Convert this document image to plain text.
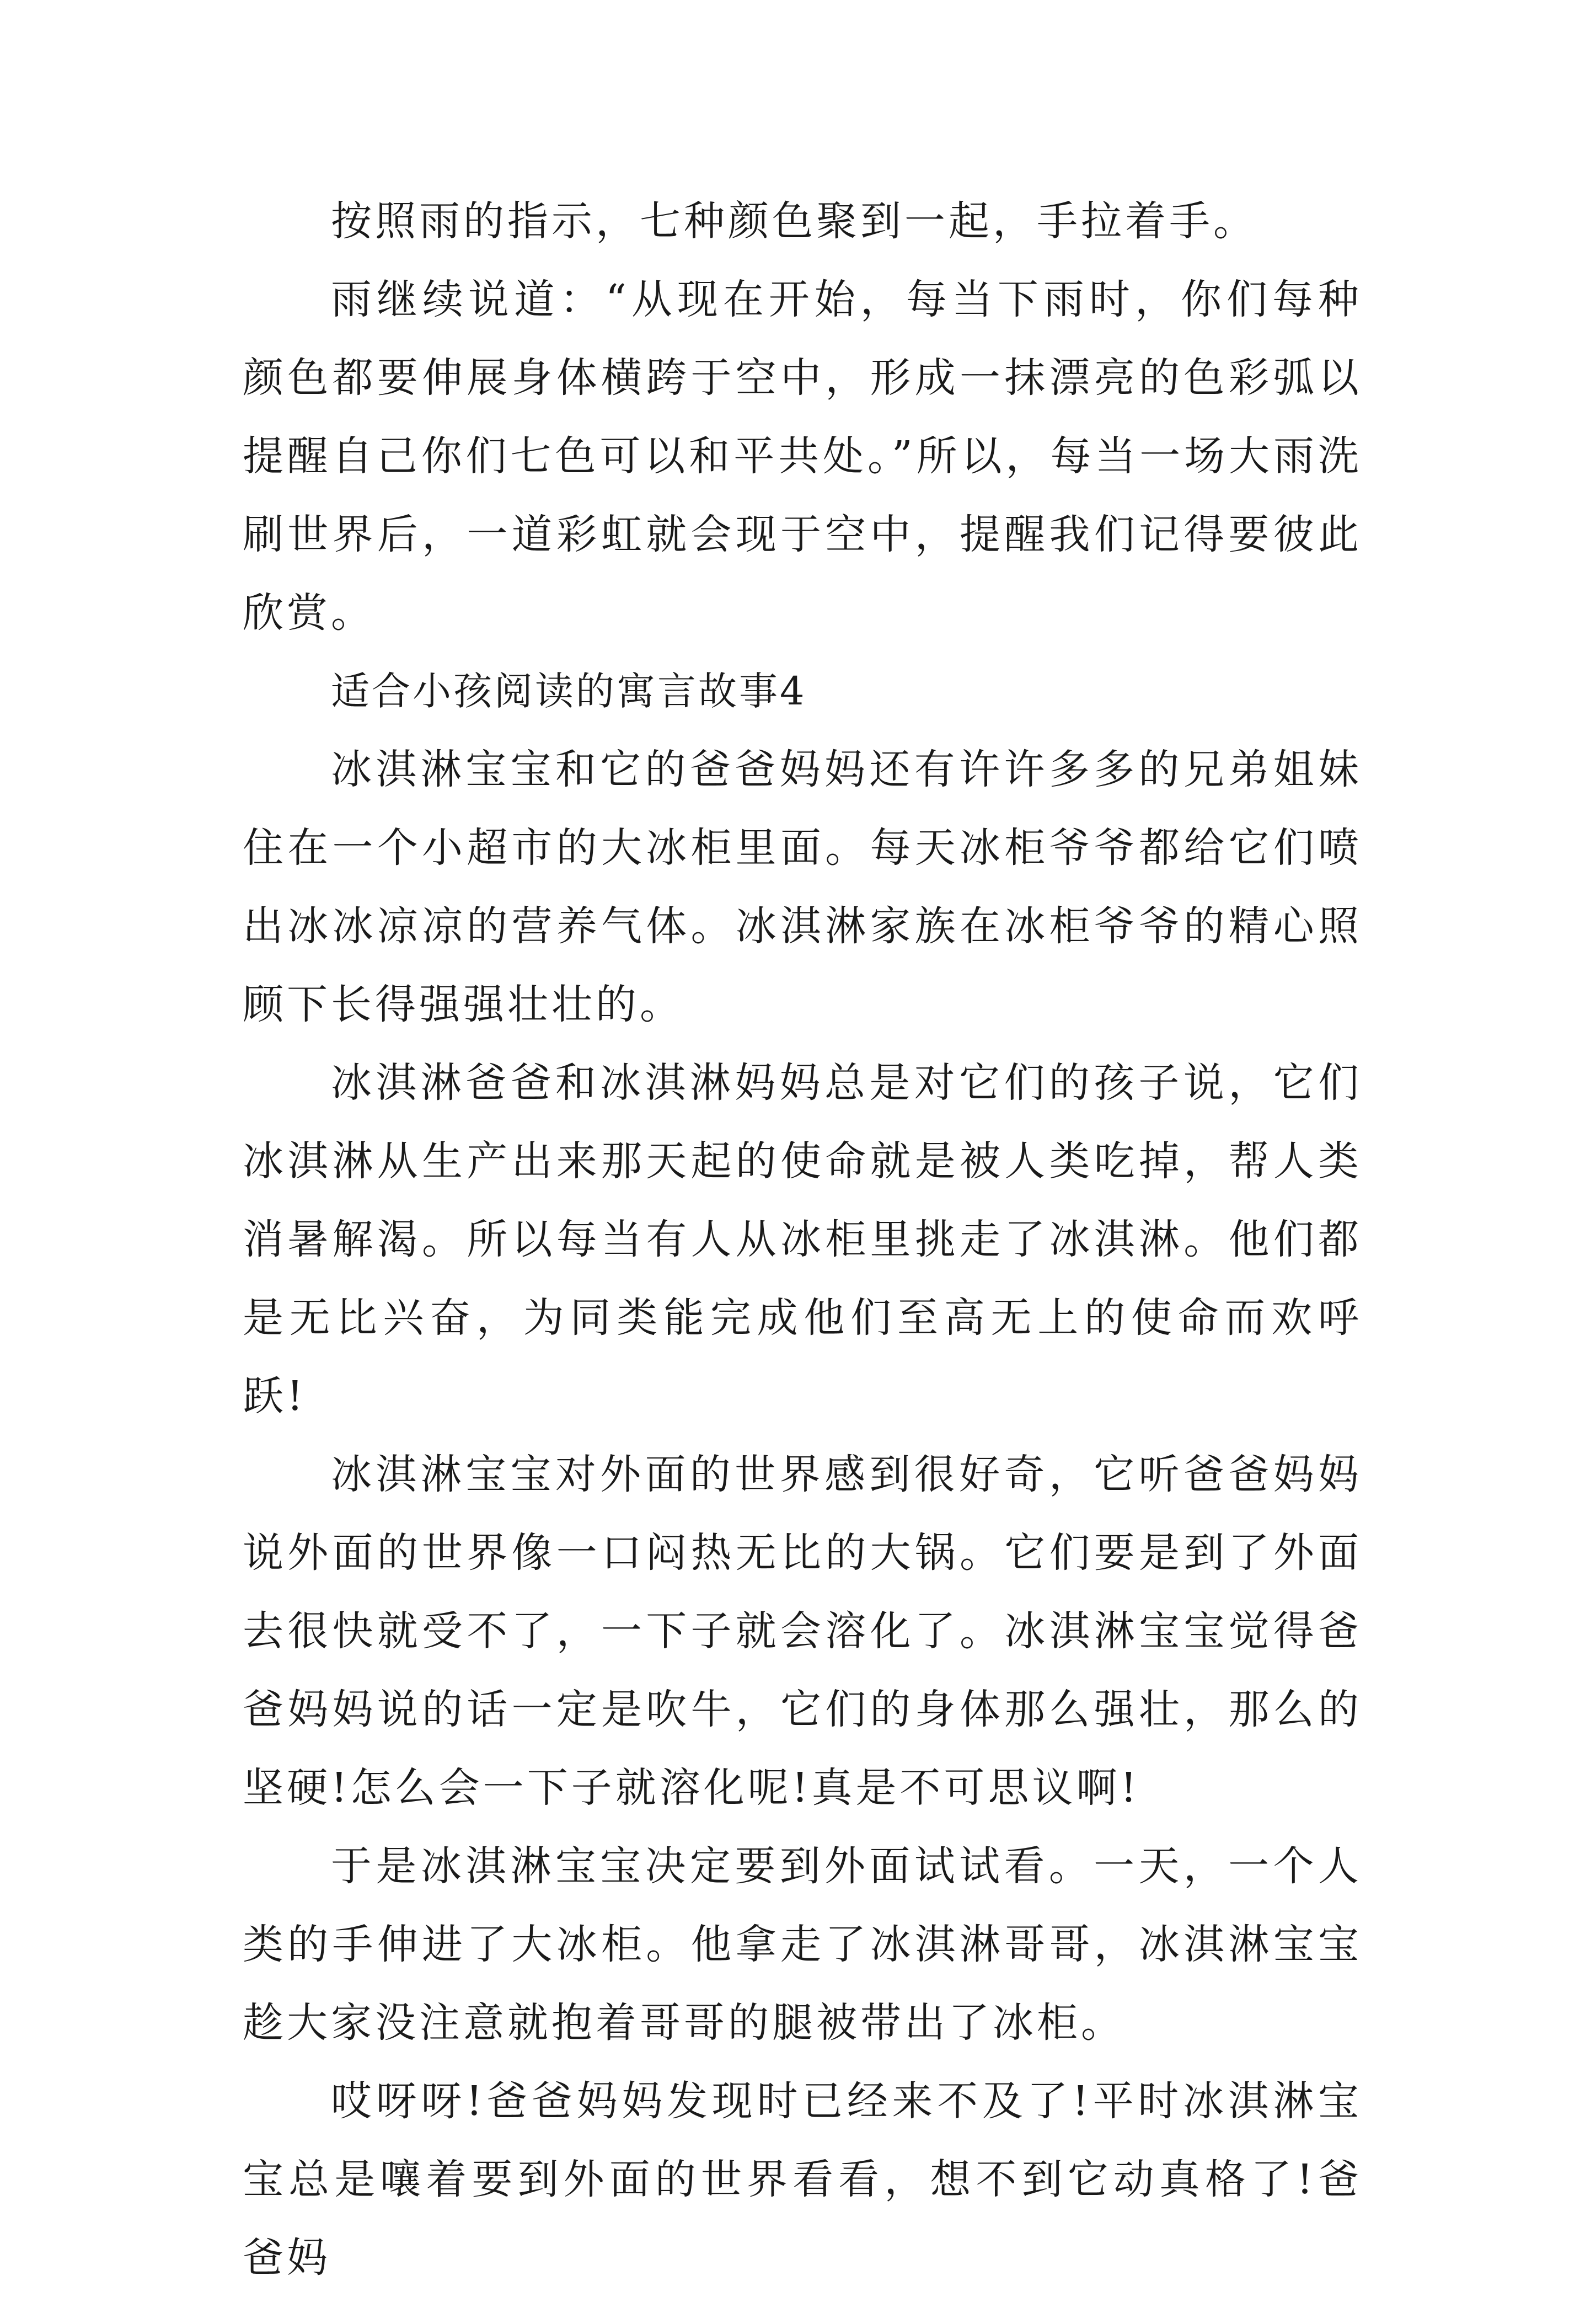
按照雨的指示，七种颜色聚到一起，手拉着手。

雨继续说道：“从现在开始，每当下雨时，你们每种颜色都要伸展身体横跨于空中，形成一抹漂亮的色彩弧以提醒自己你们七色可以和平共处。”所以，每当一场大雨洗刷世界后，一道彩虹就会现于空中，提醒我们记得要彼此欣赏。

适合小孩阅读的寓言故事4

冰淇淋宝宝和它的爸爸妈妈还有许许多多的兄弟姐妹住在一个小超市的大冰柜里面。每天冰柜爷爷都给它们喷出冰冰凉凉的营养气体。冰淇淋家族在冰柜爷爷的精心照顾下长得强强壮壮的。

冰淇淋爸爸和冰淇淋妈妈总是对它们的孩子说，它们冰淇淋从生产出来那天起的使命就是被人类吃掉，帮人类消暑解渴。所以每当有人从冰柜里挑走了冰淇淋。他们都是无比兴奋，为同类能完成他们至高无上的使命而欢呼跃!

冰淇淋宝宝对外面的世界感到很好奇，它听爸爸妈妈说外面的世界像一口闷热无比的大锅。它们要是到了外面去很快就受不了，一下子就会溶化了。冰淇淋宝宝觉得爸爸妈妈说的话一定是吹牛，它们的身体那么强壮，那么的坚硬!怎么会一下子就溶化呢!真是不可思议啊!

于是冰淇淋宝宝决定要到外面试试看。一天，一个人类的手伸进了大冰柜。他拿走了冰淇淋哥哥，冰淇淋宝宝趁大家没注意就抱着哥哥的腿被带出了冰柜。

哎呀呀!爸爸妈妈发现时已经来不及了!平时冰淇淋宝宝总是嚷着要到外面的世界看看，想不到它动真格了!爸爸妈
